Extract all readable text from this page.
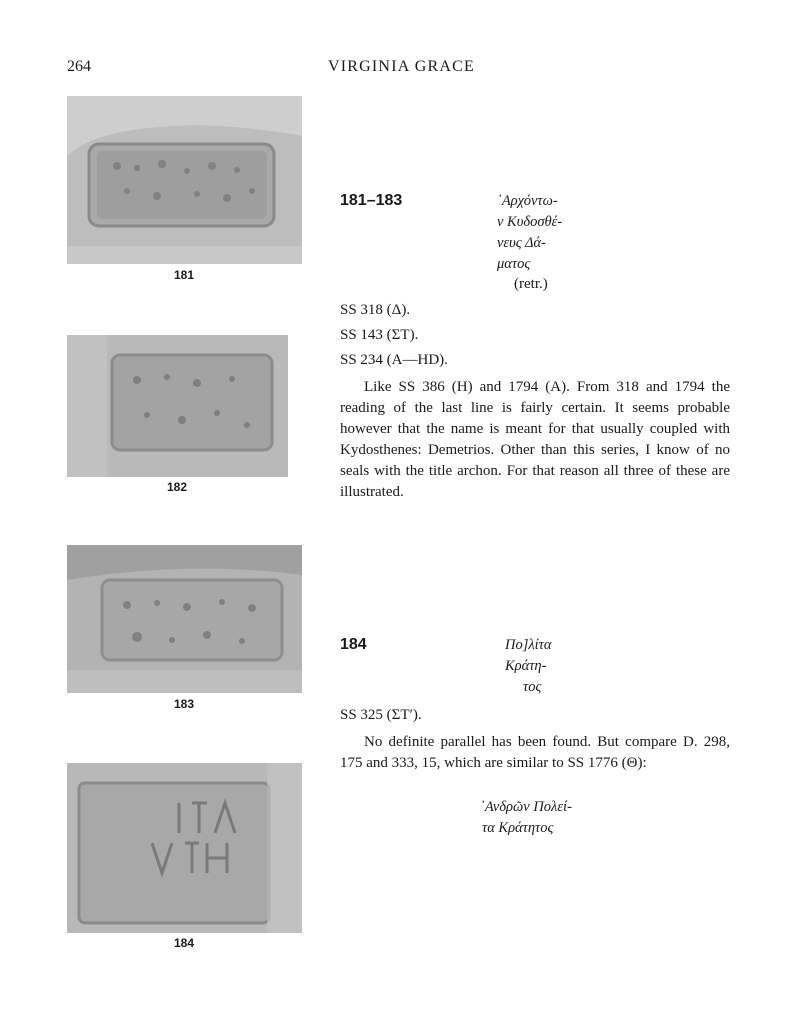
264	VIRGINIA GRACE
181
182
183
184
181–183	᾿Αρχόντω-
ν Κυδοσθέ-
νευς Δά-
ματος
(retr.)
SS 318 (Δ).
SS 143 (ΣΤ).
SS 234 (A—HD).
Like SS 386 (H) and 1794 (A). From 318 and 1794 the reading of the last line is fairly certain. It seems probable however that the name is meant for that usually coupled with Kydosthenes: Demetrios. Other than this series, I know of no seals with the title archon. For that reason all three of these are illustrated.
184	Πο]λίτα
Κράτη-
τος
SS 325 (ΣΤ′).
No definite parallel has been found. But compare D. 298, 175 and 333, 15, which are similar to SS 1776 (Θ):
᾿Ανδρῶν Πολεί-
τα Κράτητος
